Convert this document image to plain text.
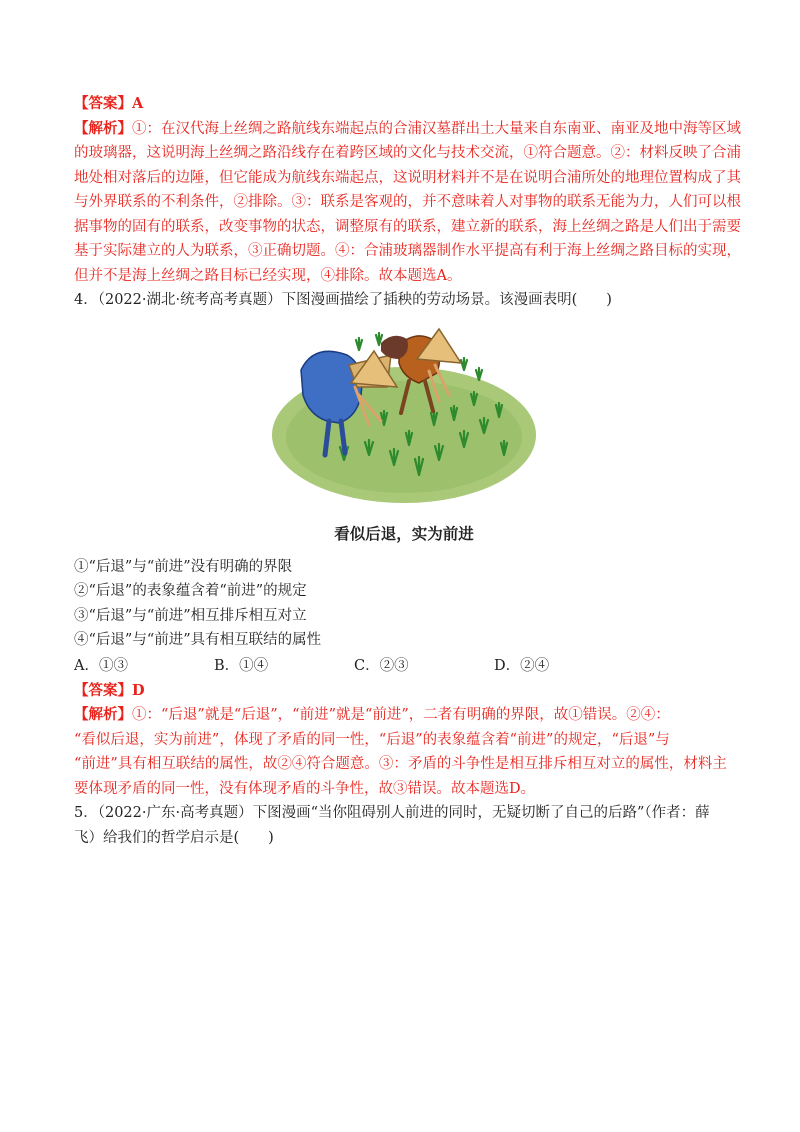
【答案】A
【解析】①：在汉代海上丝绸之路航线东端起点的合浦汉墓群出土大量来自东南亚、南亚及地中海等区域
的玻璃器，这说明海上丝绸之路沿线存在着跨区域的文化与技术交流，①符合题意。②：材料反映了合浦
地处相对落后的边陲，但它能成为航线东端起点，这说明材料并不是在说明合浦所处的地理位置构成了其
与外界联系的不利条件，②排除。③：联系是客观的，并不意味着人对事物的联系无能为力，人们可以根
据事物的固有的联系，改变事物的状态，调整原有的联系，建立新的联系，海上丝绸之路是人们出于需要
基于实际建立的人为联系，③正确切题。④：合浦玻璃器制作水平提高有利于海上丝绸之路目标的实现，
但并不是海上丝绸之路目标已经实现，④排除。故本题选A。
4．（2022·湖北·统考高考真题）下图漫画描绘了插秧的劳动场景。该漫画表明(　　)
看似后退，实为前进
①“后退”与“前进”没有明确的界限
②“后退”的表象蕴含着“前进”的规定
③“后退”与“前进”相互排斥相互对立
④“后退”与“前进”具有相互联结的属性
A．①③	B．①④	C．②③	D．②④
【答案】D
【解析】①：“后退”就是“后退”，“前进”就是“前进”，二者有明确的界限，故①错误。②④：
“看似后退，实为前进”，体现了矛盾的同一性，“后退”的表象蕴含着“前进”的规定，“后退”与
“前进”具有相互联结的属性，故②④符合题意。③：矛盾的斗争性是相互排斥相互对立的属性，材料主
要体现矛盾的同一性，没有体现矛盾的斗争性，故③错误。故本题选D。
5．（2022·广东·高考真题）下图漫画“当你阻碍别人前进的同时，无疑切断了自己的后路”（作者：薛
飞）给我们的哲学启示是(　　)
